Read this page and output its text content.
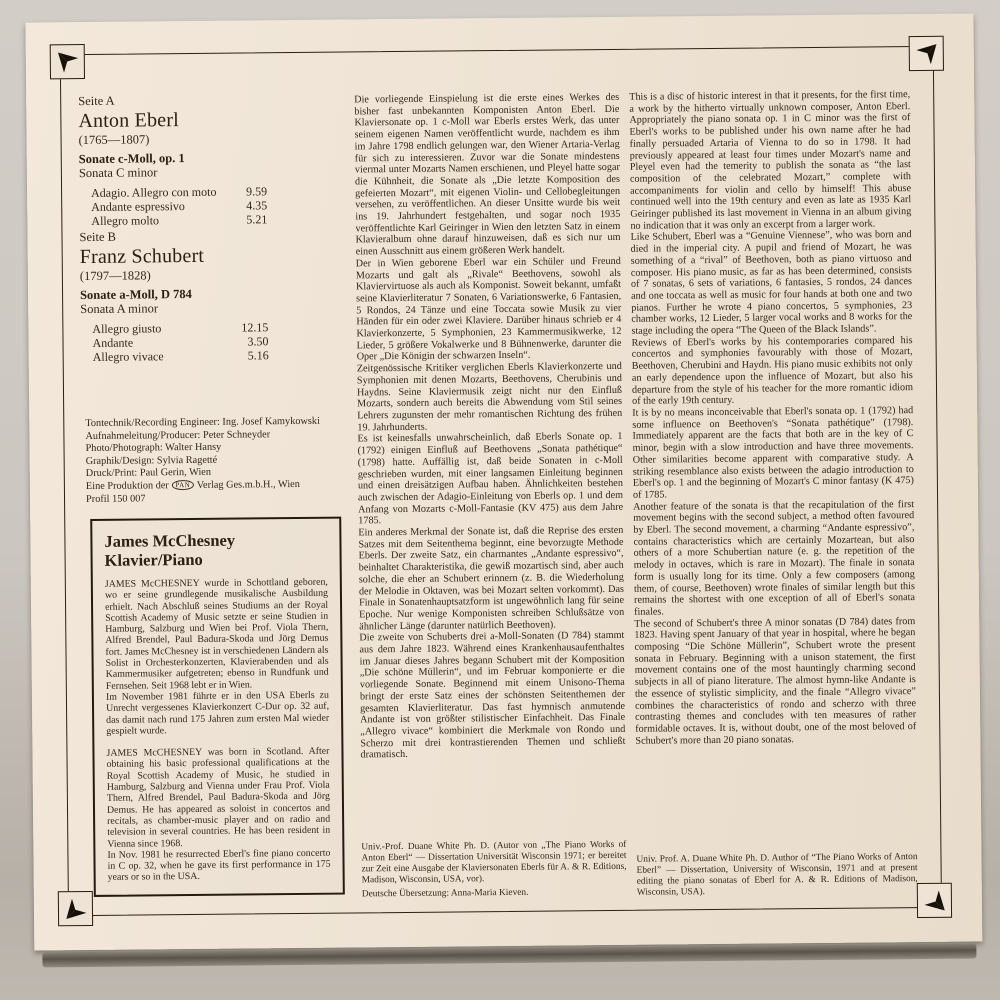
Seite A
Anton Eberl
(1765—1807)
Sonate c-Moll, op. 1
Sonata C minor
Adagio. Allegro con moto 9.59
Andante espressivo	4.35
Allegro molto	5.21
Seite B
Franz Schubert
(1797—1828)
Sonate a-Moll, D 784
Sonata A minor
Allegro giusto	12.15
Andante	3.50
Allegro vivace	5.16
Tontechnik/Recording Engineer: Ing. Josef Kamykowski
Aufnahmeleitung/Producer: Peter Schneyder
Photo/Photograph: Walter Hansy
Graphik/Design: Sylvia Ragetté
Druck/Print: Paul Gerin, Wien
Eine Produktion der PAN Verlag Ges.m.b.H., Wien
Profil 150 007
James McChesney
Klavier/Piano

JAMES McCHESNEY wurde in Schottland geboren, wo er seine grundlegende musikalische Ausbildung erhielt. Nach Abschluß seines Studiums an der Royal Scottish Academy of Music setzte er seine Studien in Hamburg, Salzburg und Wien bei Prof. Viola Thern, Alfred Brendel, Paul Badura-Skoda und Jörg Demus fort. James McChesney ist in verschiedenen Ländern als Solist in Orchesterkonzerten, Klavierabenden und als Kammermusiker aufgetreten; ebenso in Rundfunk und Fernsehen. Seit 1968 lebt er in Wien.

Im November 1981 führte er in den USA Eberls zu Unrecht vergessenes Klavierkonzert C-Dur op. 32 auf, das damit nach rund 175 Jahren zum ersten Mal wieder gespielt wurde.

JAMES McCHESNEY was born in Scotland. After obtaining his basic professional qualifications at the Royal Scottish Academy of Music, he studied in Hamburg, Salzburg and Vienna under Frau Prof. Viola Thern, Alfred Brendel, Paul Badura-Skoda and Jörg Demus. He has appeared as soloist in concertos and recitals, as chamber-music player and on radio and television in several countries. He has been resident in Vienna since 1968.

In Nov. 1981 he resurrected Eberl's fine piano concerto in C op. 32, when he gave its first performance in 175 years or so in the USA.

Die vorliegende Einspielung ist die erste eines Werkes des bisher fast unbekannten Komponisten Anton Eberl. Die Klaviersonate op. 1 c-Moll war Eberls erstes Werk, das unter seinem eigenen Namen veröffentlicht wurde, nachdem es ihm im Jahre 1798 endlich gelungen war, den Wiener Artaria-Verlag für sich zu interessieren. Zuvor war die Sonate mindestens viermal unter Mozarts Namen erschienen, und Pleyel hatte sogar die Kühnheit, die Sonate als „Die letzte Komposition des gefeierten Mozart“, mit eigenen Violin- und Cellobegleitungen versehen, zu veröffentlichen. An dieser Unsitte wurde bis weit ins 19. Jahrhundert festgehalten, und sogar noch 1935 veröffentlichte Karl Geiringer in Wien den letzten Satz in einem Klavieralbum ohne darauf hinzuweisen, daß es sich nur um einen Ausschnitt aus einem größeren Werk handelt.

Der in Wien geborene Eberl war ein Schüler und Freund Mozarts und galt als „Rivale“ Beethovens, sowohl als Klaviervirtuose als auch als Komponist. Soweit bekannt, umfaßt seine Klavierliteratur 7 Sonaten, 6 Variationswerke, 6 Fantasien, 5 Rondos, 24 Tänze und eine Toccata sowie Musik zu vier Händen für ein oder zwei Klaviere. Darüber hinaus schrieb er 4 Klavierkonzerte, 5 Symphonien, 23 Kammermusikwerke, 12 Lieder, 5 größere Vokalwerke und 8 Bühnenwerke, darunter die Oper „Die Königin der schwarzen Inseln“.

Zeitgenössische Kritiker verglichen Eberls Klavierkonzerte und Symphonien mit denen Mozarts, Beethovens, Cherubinis und Haydns. Seine Klaviermusik zeigt nicht nur den Einfluß Mozarts, sondern auch bereits die Abwendung vom Stil seines Lehrers zugunsten der mehr romantischen Richtung des frühen 19. Jahrhunderts.

Es ist keinesfalls unwahrscheinlich, daß Eberls Sonate op. 1 (1792) einigen Einfluß auf Beethovens „Sonata pathétique“ (1798) hatte. Auffällig ist, daß beide Sonaten in c-Moll geschrieben wurden, mit einer langsamen Einleitung beginnen und einen dreisätzigen Aufbau haben. Ähnlichkeiten bestehen auch zwischen der Adagio-Einleitung von Eberls op. 1 und dem Anfang von Mozarts c-Moll-Fantasie (KV 475) aus dem Jahre 1785.

Ein anderes Merkmal der Sonate ist, daß die Reprise des ersten Satzes mit dem Seitenthema beginnt, eine bevorzugte Methode Eberls. Der zweite Satz, ein charmantes „Andante espressivo“, beinhaltet Charakteristika, die gewiß mozartisch sind, aber auch solche, die eher an Schubert erinnern (z. B. die Wiederholung der Melodie in Oktaven, was bei Mozart selten vorkommt). Das Finale in Sonatenhauptsatzform ist ungewöhnlich lang für seine Epoche. Nur wenige Komponisten schreiben Schlußsätze von ähnlicher Länge (darunter natürlich Beethoven).

Die zweite von Schuberts drei a-Moll-Sonaten (D 784) stammt aus dem Jahre 1823. Während eines Krankenhausaufenthaltes im Januar dieses Jahres begann Schubert mit der Komposition „Die schöne Müllerin“, und im Februar komponierte er die vorliegende Sonate. Beginnend mit einem Unisono-Thema bringt der erste Satz eines der schönsten Seitenthemen der gesamten Klavierliteratur. Das fast hymnisch anmutende Andante ist von größter stilistischer Einfachheit. Das Finale „Allegro vivace“ kombiniert die Merkmale von Rondo und Scherzo mit drei kontrastierenden Themen und schließt dramatisch.

Univ.-Prof. Duane White Ph. D. (Autor von „The Piano Works of Anton Eberl“ — Dissertation Universität Wisconsin 1971; er bereitet zur Zeit eine Ausgabe der Klaviersonaten Eberls für A. & R. Editions, Madison, Wisconsin, USA, vor).

Deutsche Übersetzung: Anna-Maria Kieven.

This is a disc of historic interest in that it presents, for the first time, a work by the hitherto virtually unknown composer, Anton Eberl. Appropriately the piano sonata op. 1 in C minor was the first of Eberl's works to be published under his own name after he had finally persuaded Artaria of Vienna to do so in 1798. It had previously appeared at least four times under Mozart's name and Pleyel even had the temerity to publish the sonata as “the last composition of the celebrated Mozart,” complete with accompaniments for violin and cello by himself! This abuse continued well into the 19th century and even as late as 1935 Karl Geiringer published its last movement in Vienna in an album giving no indication that it was only an excerpt from a larger work.

Like Schubert, Eberl was a “Genuine Viennese”, who was born and died in the imperial city. A pupil and friend of Mozart, he was something of a “rival” of Beethoven, both as piano virtuoso and composer. His piano music, as far as has been determined, consists of 7 sonatas, 6 sets of variations, 6 fantasies, 5 rondos, 24 dances and one toccata as well as music for four hands at both one and two pianos. Further he wrote 4 piano concertos, 5 symphonies, 23 chamber works, 12 Lieder, 5 larger vocal works and 8 works for the stage including the opera “The Queen of the Black Islands”.

Reviews of Eberl's works by his contemporaries compared his concertos and symphonies favourably with those of Mozart, Beethoven, Cherubini and Haydn. His piano music exhibits not only an early dependence upon the influence of Mozart, but also his departure from the style of his teacher for the more romantic idiom of the early 19th century.

It is by no means inconceivable that Eberl's sonata op. 1 (1792) had some influence on Beethoven's “Sonata pathétique” (1798). Immediately apparent are the facts that both are in the key of C minor, begin with a slow introduction and have three movements. Other similarities become apparent with comparative study. A striking resemblance also exists between the adagio introduction to Eberl's op. 1 and the beginning of Mozart's C minor fantasy (K 475) of 1785.

Another feature of the sonata is that the recapitulation of the first movement begins with the second subject, a method often favoured by Eberl. The second movement, a charming “Andante espressivo”, contains characteristics which are certainly Mozartean, but also others of a more Schubertian nature (e. g. the repetition of the melody in octaves, which is rare in Mozart). The finale in sonata form is usually long for its time. Only a few composers (among them, of course, Beethoven) wrote finales of similar length but this remains the shortest with one exception of all of Eberl's sonata finales.

The second of Schubert's three A minor sonatas (D 784) dates from 1823. Having spent January of that year in hospital, where he began composing “Die Schöne Müllerin”, Schubert wrote the present sonata in February. Beginning with a unison statement, the first movement contains one of the most hauntingly charming second subjects in all of piano literature. The almost hymn-like Andante is the essence of stylistic simplicity, and the finale “Allegro vivace” combines the characteristics of rondo and scherzo with three contrasting themes and concludes with ten measures of rather formidable octaves. It is, without doubt, one of the most beloved of Schubert's more than 20 piano sonatas.

Univ. Prof. A. Duane White Ph. D. Author of “The Piano Works of Anton Eberl” — Dissertation, University of Wisconsin, 1971 and at present editing the piano sonatas of Eberl for A. & R. Editions of Madison, Wisconsin, USA).
